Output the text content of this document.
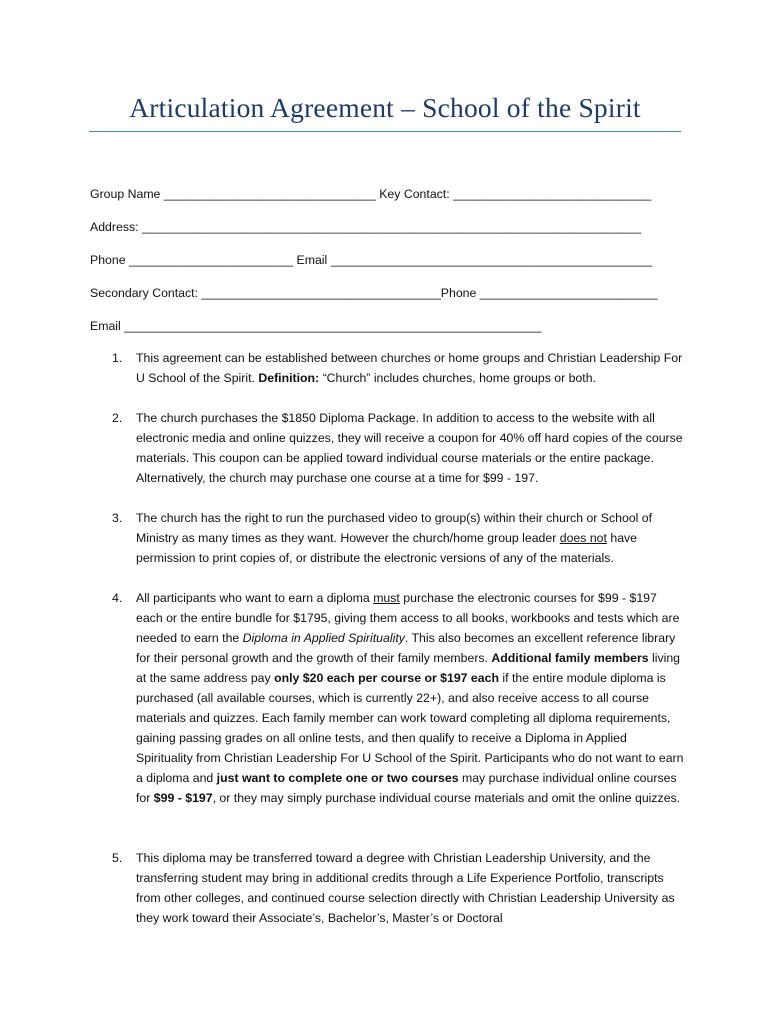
Articulation Agreement – School of the Spirit
Group Name _______________________________ Key Contact: _____________________________
Address: _________________________________________________________________________
Phone ________________________ Email _______________________________________________
Secondary Contact: ___________________________________Phone __________________________
Email _____________________________________________________________
1. This agreement can be established between churches or home groups and Christian Leadership For U School of the Spirit. Definition: “Church” includes churches, home groups or both.
2. The church purchases the $1850 Diploma Package. In addition to access to the website with all electronic media and online quizzes, they will receive a coupon for 40% off hard copies of the course materials. This coupon can be applied toward individual course materials or the entire package. Alternatively, the church may purchase one course at a time for $99 - 197.
3. The church has the right to run the purchased video to group(s) within their church or School of Ministry as many times as they want. However the church/home group leader does not have permission to print copies of, or distribute the electronic versions of any of the materials.
4. All participants who want to earn a diploma must purchase the electronic courses for $99 - $197 each or the entire bundle for $1795, giving them access to all books, workbooks and tests which are needed to earn the Diploma in Applied Spirituality. This also becomes an excellent reference library for their personal growth and the growth of their family members. Additional family members living at the same address pay only $20 each per course or $197 each if the entire module diploma is purchased (all available courses, which is currently 22+), and also receive access to all course materials and quizzes. Each family member can work toward completing all diploma requirements, gaining passing grades on all online tests, and then qualify to receive a Diploma in Applied Spirituality from Christian Leadership For U School of the Spirit. Participants who do not want to earn a diploma and just want to complete one or two courses may purchase individual online courses for $99 - $197, or they may simply purchase individual course materials and omit the online quizzes.
5. This diploma may be transferred toward a degree with Christian Leadership University, and the transferring student may bring in additional credits through a Life Experience Portfolio, transcripts from other colleges, and continued course selection directly with Christian Leadership University as they work toward their Associate’s, Bachelor’s, Master’s or Doctoral
